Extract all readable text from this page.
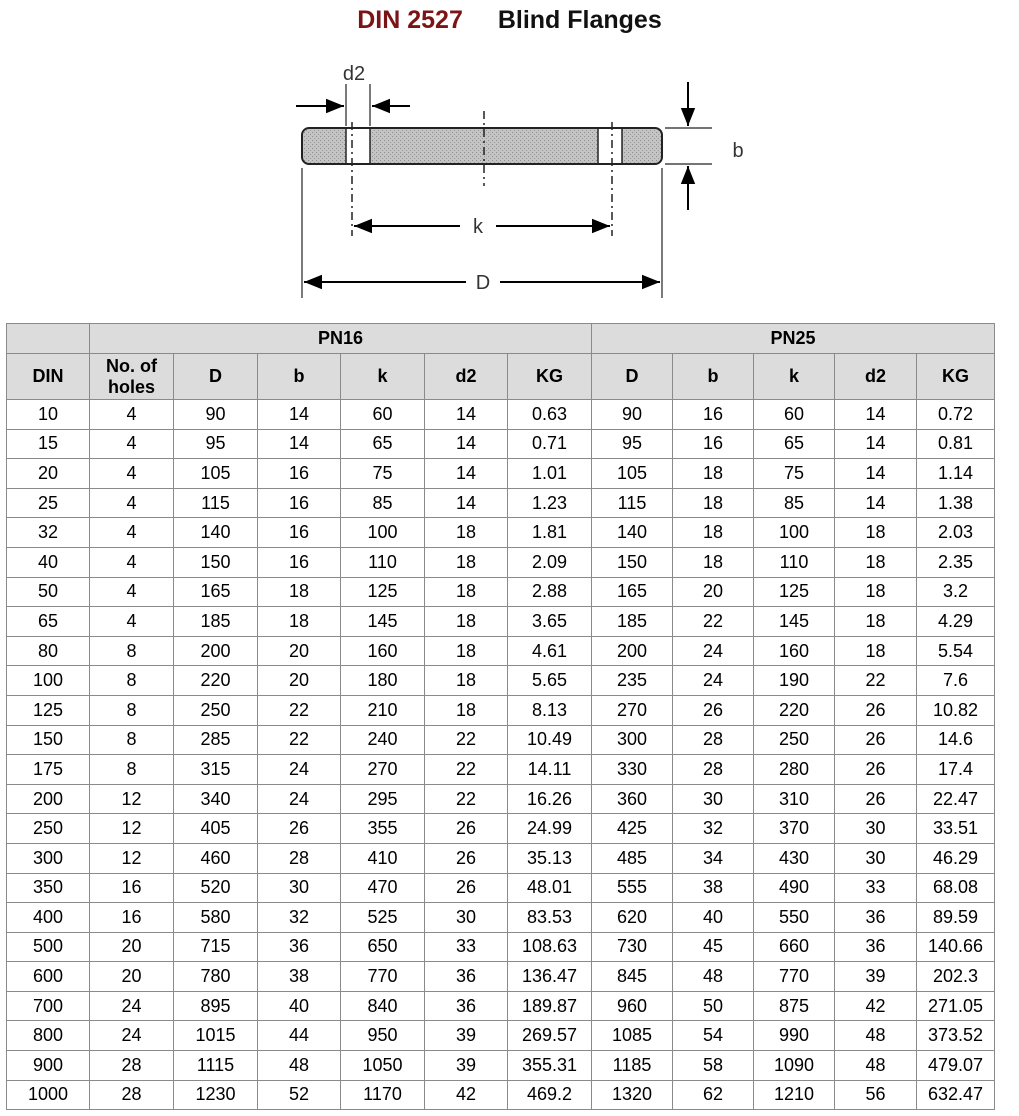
DIN 2527 Blind Flanges
d2
b
k
D
	PN16						PN25				
DIN	No. of holes	D	b	k	d2	KG	D	b	k	d2	KG
10	4	90	14	60	14	0.63	90	16	60	14	0.72
15	4	95	14	65	14	0.71	95	16	65	14	0.81
20	4	105	16	75	14	1.01	105	18	75	14	1.14
25	4	115	16	85	14	1.23	115	18	85	14	1.38
32	4	140	16	100	18	1.81	140	18	100	18	2.03
40	4	150	16	110	18	2.09	150	18	110	18	2.35
50	4	165	18	125	18	2.88	165	20	125	18	3.2
65	4	185	18	145	18	3.65	185	22	145	18	4.29
80	8	200	20	160	18	4.61	200	24	160	18	5.54
100	8	220	20	180	18	5.65	235	24	190	22	7.6
125	8	250	22	210	18	8.13	270	26	220	26	10.82
150	8	285	22	240	22	10.49	300	28	250	26	14.6
175	8	315	24	270	22	14.11	330	28	280	26	17.4
200	12	340	24	295	22	16.26	360	30	310	26	22.47
250	12	405	26	355	26	24.99	425	32	370	30	33.51
300	12	460	28	410	26	35.13	485	34	430	30	46.29
350	16	520	30	470	26	48.01	555	38	490	33	68.08
400	16	580	32	525	30	83.53	620	40	550	36	89.59
500	20	715	36	650	33	108.63	730	45	660	36	140.66
600	20	780	38	770	36	136.47	845	48	770	39	202.3
700	24	895	40	840	36	189.87	960	50	875	42	271.05
800	24	1015	44	950	39	269.57	1085	54	990	48	373.52
900	28	1115	48	1050	39	355.31	1185	58	1090	48	479.07
1000	28	1230	52	1170	42	469.2	1320	62	1210	56	632.47
